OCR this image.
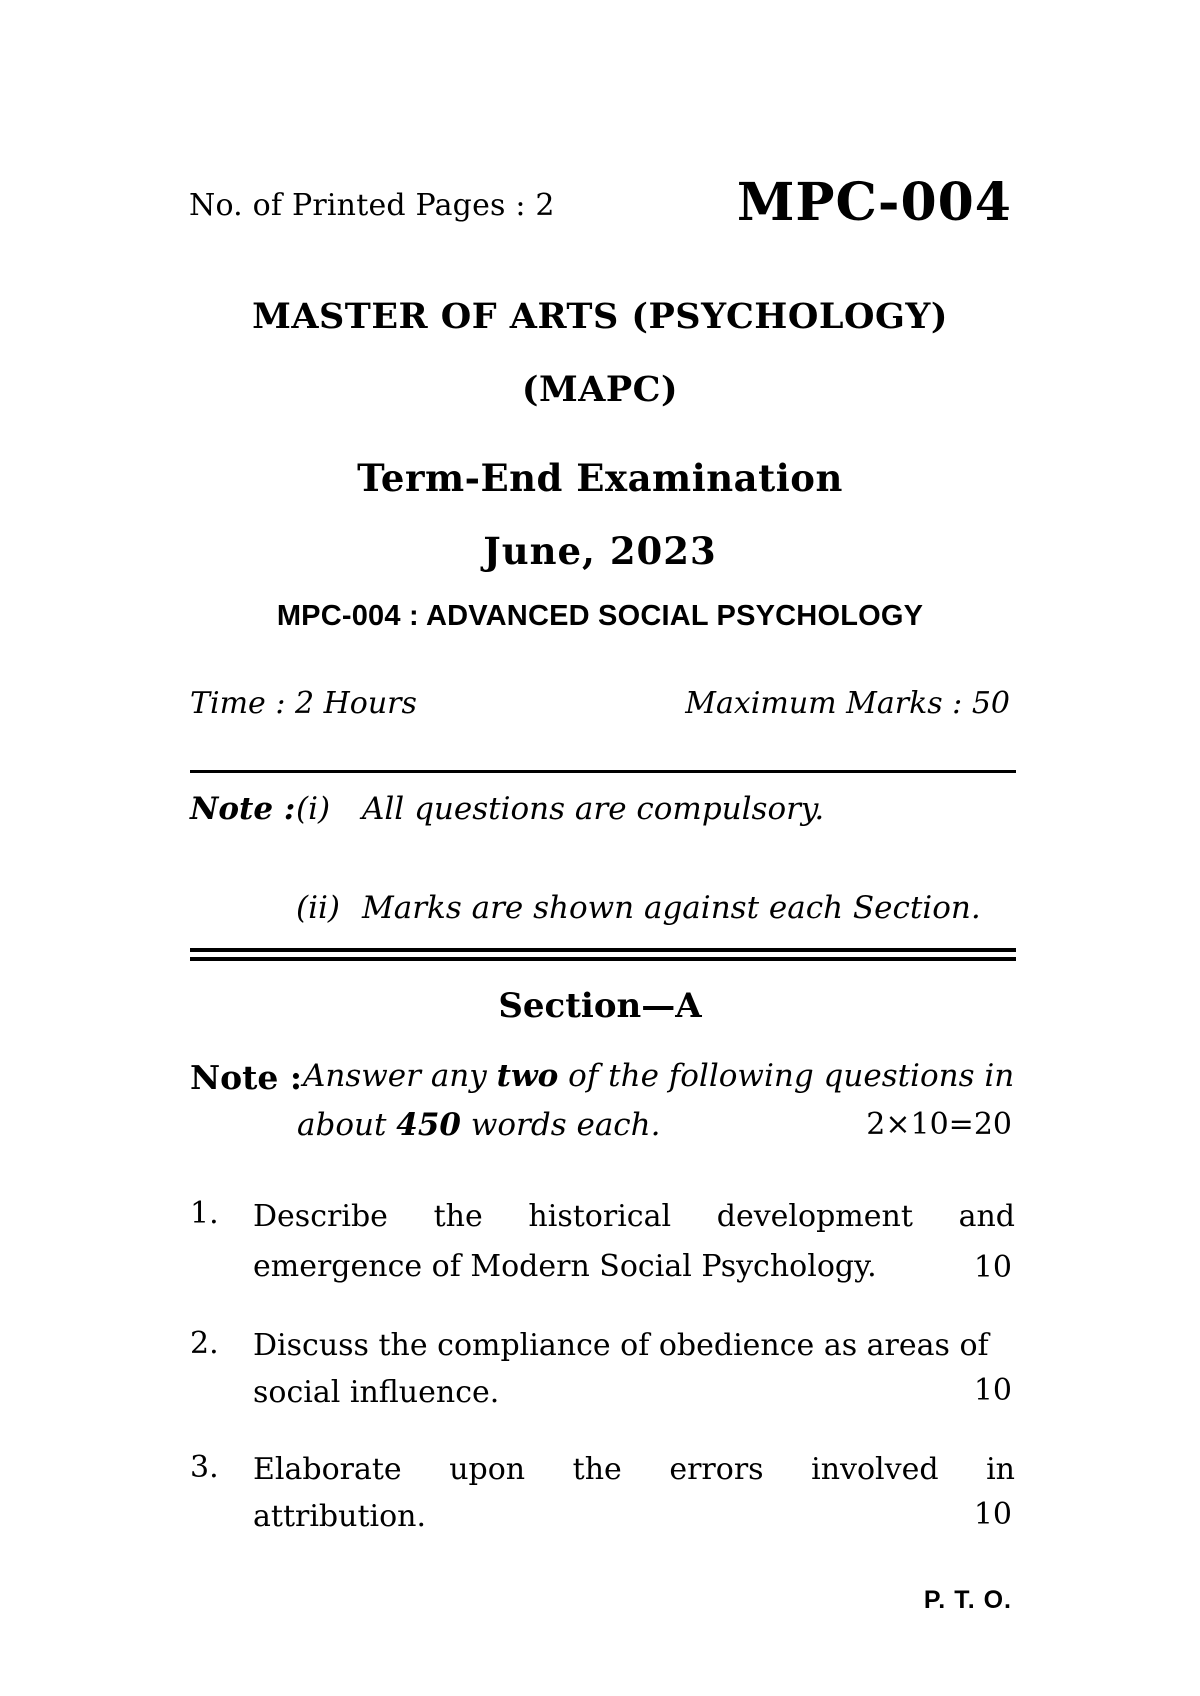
No. of Printed Pages : 2	MPC-004
MASTER OF ARTS (PSYCHOLOGY)
(MAPC)
Term-End Examination
June, 2023
MPC-004 : ADVANCED SOCIAL PSYCHOLOGY
Time : 2 Hours	Maximum Marks : 50
Note : (i) All questions are compulsory.
(ii) Marks are shown against each Section.
Section—A
Note : Answer any two of the following questions in
about 450 words each.	2×10=20
1. Describe the historical development and
emergence of Modern Social Psychology.	10
2. Discuss the compliance of obedience as areas of
social influence.	10
3. Elaborate upon the errors involved in
attribution.	10
P. T. O.
